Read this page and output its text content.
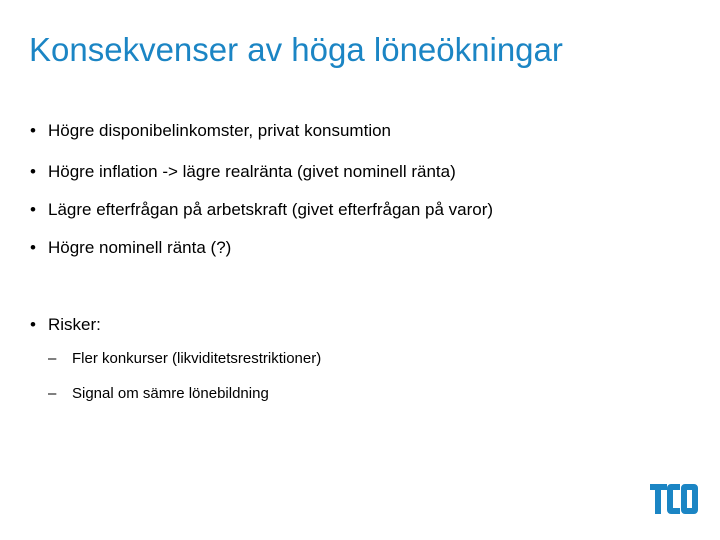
Konsekvenser av höga löneökningar
• Högre disponibelinkomster, privat konsumtion
• Högre inflation -> lägre realränta (givet nominell ränta)
• Lägre efterfrågan på arbetskraft (givet efterfrågan på varor)
• Högre nominell ränta (?)
• Risker:
– Fler konkurser (likviditetsrestriktioner)
– Signal om sämre lönebildning
